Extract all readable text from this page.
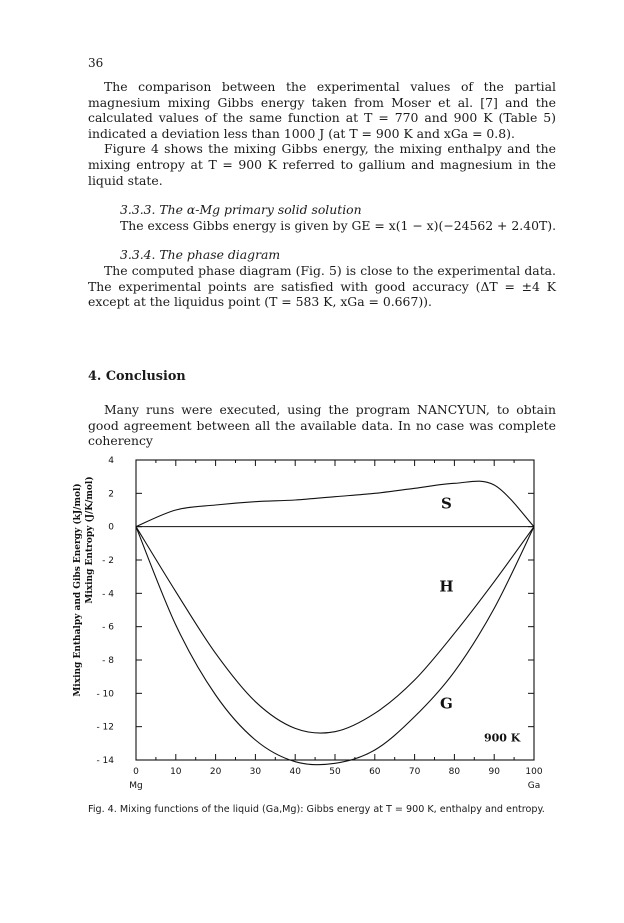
36

The comparison between the experimental values of the partial magnesium mixing Gibbs energy taken from Moser et al. [7] and the calculated values of the same function at T = 770 and 900 K (Table 5) indicated a deviation less than 1000 J (at T = 900 K and xGa = 0.8).

Figure 4 shows the mixing Gibbs energy, the mixing enthalpy and the mixing entropy at T = 900 K referred to gallium and magnesium in the liquid state.

3.3.3. The α-Mg primary solid solution

The excess Gibbs energy is given by GE = x(1 − x)(−24562 + 2.40T).

3.3.4. The phase diagram

The computed phase diagram (Fig. 5) is close to the experimental data. The experimental points are satisfied with good accuracy (ΔT = ±4 K except at the liquidus point (T = 583 K, xGa = 0.667)).

4. Conclusion

Many runs were executed, using the program NANCYUN, to obtain good agreement between all the available data. In no case was complete coherency

4
2
0
- 2
- 4
- 6
- 8
- 10
- 12
- 14
0	10	20	30	40	50	60	70	80	90	100
Mg	Ga
S
H
G
900 K
Mixing Enthalpy and Gibs Energy (kJ/mol) Mixing Entropy (J/K/mol)
Fig. 4. Mixing functions of the liquid (Ga,Mg): Gibbs energy at T = 900 K, enthalpy and entropy.
